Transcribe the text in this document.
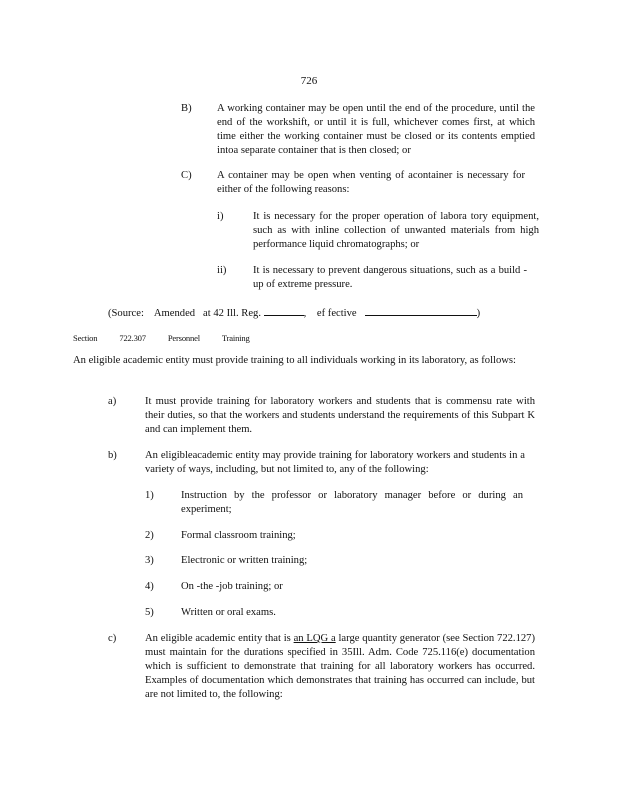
726
B) A working container may be open until the end of the procedure, until the end of the workshift, or until it is full, whichever comes first, at which time either the working container must be closed or its contents emptied intoa separate container that is then closed; or
C) A container may be open when venting of acontainer is necessary for either of the following reasons:
i)	It is necessary for the proper operation of labora tory equipment, such as with inline collection of unwanted materials from high performance liquid chromatographs; or
ii)	It is necessary to prevent dangerous situations, such as a build -up of extreme pressure.
(Source: Amended at 42 Ill. Reg.	, ef fective	)
Section	722.307	Personnel	Training
An eligible academic entity must provide training to all individuals working in its laboratory, as follows:
a)	It must provide training for laboratory workers and students that is commensu rate with their duties, so that the workers and students understand the requirements of this Subpart K and can implement them.
b)	An eligibleacademic entity may provide training for laboratory workers and students in a variety of ways, including, but not limited to, any of the following:
1)	Instruction by the professor or laboratory manager before or during an experiment;
2)	Formal classroom training;
3)	Electronic or written training;
4)	On -the -job training; or
5)	Written or oral exams.
c)	An eligible academic entity that is an LQG a large quantity generator (see Section 722.127) must maintain for the durations specified in 35Ill. Adm. Code 725.116(e) documentation which is sufficient to demonstrate that training for all laboratory workers has occurred. Examples of documentation which demonstrates that training has occurred can include, but are not limited to, the following:
